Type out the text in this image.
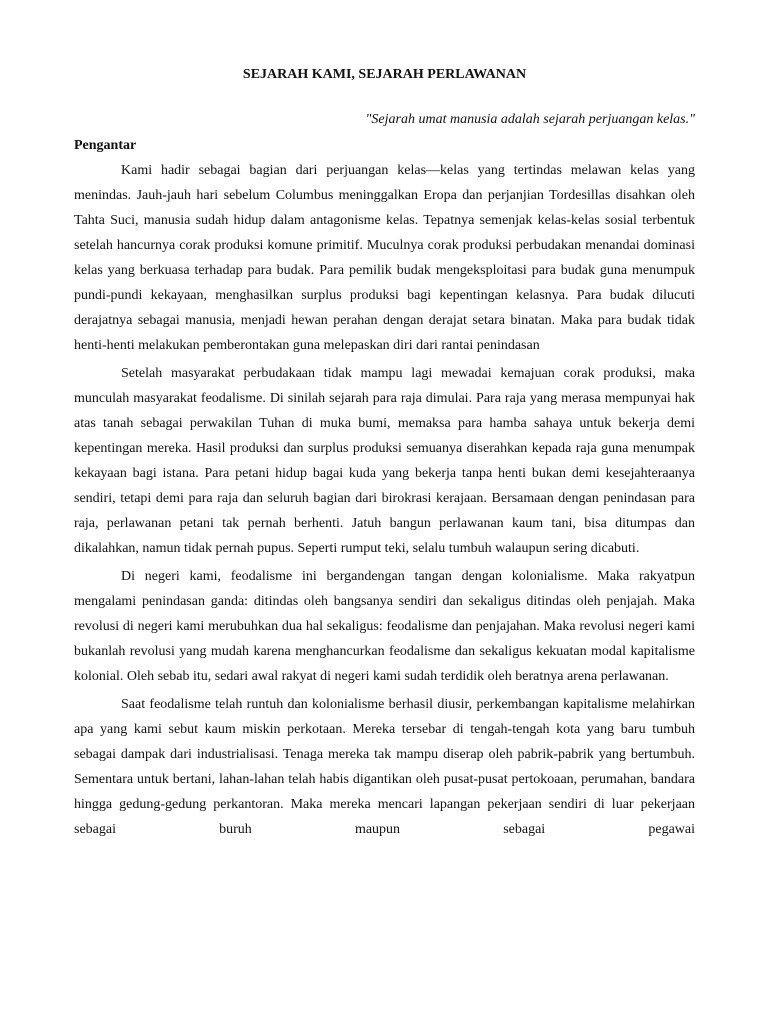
SEJARAH KAMI, SEJARAH PERLAWANAN

"Sejarah umat manusia adalah sejarah perjuangan kelas."

Pengantar

Kami hadir sebagai bagian dari perjuangan kelas—kelas yang tertindas melawan kelas yang menindas. Jauh-jauh hari sebelum Columbus meninggalkan Eropa dan perjanjian Tordesillas disahkan oleh Tahta Suci, manusia sudah hidup dalam antagonisme kelas. Tepatnya semenjak kelas-kelas sosial terbentuk setelah hancurnya corak produksi komune primitif. Muculnya corak produksi perbudakan menandai dominasi kelas yang berkuasa terhadap para budak. Para pemilik budak mengeksploitasi para budak guna menumpuk pundi-pundi kekayaan, menghasilkan surplus produksi bagi kepentingan kelasnya. Para budak dilucuti derajatnya sebagai manusia, menjadi hewan perahan dengan derajat setara binatan. Maka para budak tidak henti-henti melakukan pemberontakan guna melepaskan diri dari rantai penindasan

Setelah masyarakat perbudakaan tidak mampu lagi mewadai kemajuan corak produksi, maka munculah masyarakat feodalisme. Di sinilah sejarah para raja dimulai. Para raja yang merasa mempunyai hak atas tanah sebagai perwakilan Tuhan di muka bumi, memaksa para hamba sahaya untuk bekerja demi kepentingan mereka. Hasil produksi dan surplus produksi semuanya diserahkan kepada raja guna menumpak kekayaan bagi istana. Para petani hidup bagai kuda yang bekerja tanpa henti bukan demi kesejahteraanya sendiri, tetapi demi para raja dan seluruh bagian dari birokrasi kerajaan. Bersamaan dengan penindasan para raja, perlawanan petani tak pernah berhenti. Jatuh bangun perlawanan kaum tani, bisa ditumpas dan dikalahkan, namun tidak pernah pupus. Seperti rumput teki, selalu tumbuh walaupun sering dicabuti.

Di negeri kami, feodalisme ini bergandengan tangan dengan kolonialisme. Maka rakyatpun mengalami penindasan ganda: ditindas oleh bangsanya sendiri dan sekaligus ditindas oleh penjajah. Maka revolusi di negeri kami merubuhkan dua hal sekaligus: feodalisme dan penjajahan. Maka revolusi negeri kami bukanlah revolusi yang mudah karena menghancurkan feodalisme dan sekaligus kekuatan modal kapitalisme kolonial. Oleh sebab itu, sedari awal rakyat di negeri kami sudah terdidik oleh beratnya arena perlawanan.

Saat feodalisme telah runtuh dan kolonialisme berhasil diusir, perkembangan kapitalisme melahirkan apa yang kami sebut kaum miskin perkotaan. Mereka tersebar di tengah-tengah kota yang baru tumbuh sebagai dampak dari industrialisasi. Tenaga mereka tak mampu diserap oleh pabrik-pabrik yang bertumbuh. Sementara untuk bertani, lahan-lahan telah habis digantikan oleh pusat-pusat pertokoaan, perumahan, bandara hingga gedung-gedung perkantoran. Maka mereka mencari lapangan pekerjaan sendiri di luar pekerjaan sebagai buruh maupun sebagai pegawai
